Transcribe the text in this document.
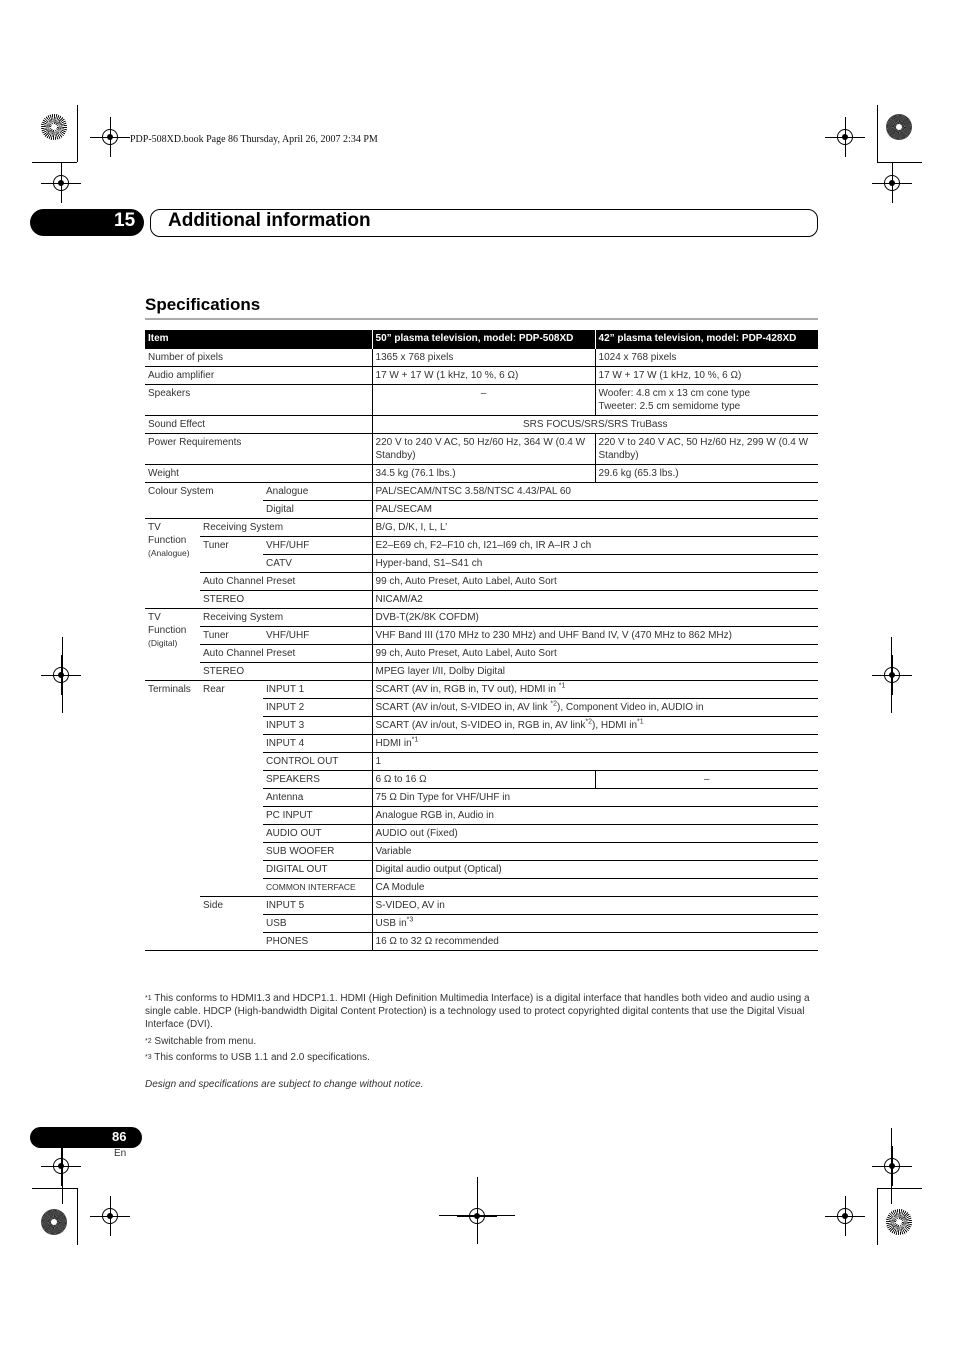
PDP-508XD.book Page 86 Thursday, April 26, 2007 2:34 PM
15 Additional information
Specifications
Item			50” plasma television, model: PDP-508XD	42” plasma television, model: PDP-428XD
Number of pixels			1365 x 768 pixels	1024 x 768 pixels
Audio amplifier			17 W + 17 W (1 kHz, 10 %, 6 Ω)	17 W + 17 W (1 kHz, 10 %, 6 Ω)
Speakers			–	Woofer: 4.8 cm x 13 cm cone type
Tweeter: 2.5 cm semidome type

Sound Effect			SRS FOCUS/SRS/SRS TruBass	
Power Requirements			220 V to 240 V AC, 50 Hz/60 Hz, 364 W (0.4 W Standby)	220 V to 240 V AC, 50 Hz/60 Hz, 299 W (0.4 W Standby)
Weight			34.5 kg (76.1 lbs.)	29.6 kg (65.3 lbs.)
Colour System		Analogue	PAL/SECAM/NTSC 3.58/NTSC 4.43/PAL 60	
		Digital	PAL/SECAM	
TV Function
(Analogue)	Receiving System		B/G, D/K, I, L, L’	
	Tuner	VHF/UHF	E2–E69 ch, F2–F10 ch, I21–I69 ch, IR A–IR J ch	
		CATV	Hyper-band, S1–S41 ch	
	Auto Channel Preset		99 ch, Auto Preset, Auto Label, Auto Sort	
	STEREO		NICAM/A2	
TV Function
(Digital)	Receiving System		DVB-T(2K/8K COFDM)	
	Tuner	VHF/UHF	VHF Band III (170 MHz to 230 MHz) and UHF Band IV, V (470 MHz to 862 MHz)	
	Auto Channel Preset		99 ch, Auto Preset, Auto Label, Auto Sort	
	STEREO		MPEG layer I/II, Dolby Digital	
Terminals	Rear	INPUT 1	SCART (AV in, RGB in, TV out), HDMI in $^{*1}$
		INPUT 2	SCART (AV in/out, S-VIDEO in, AV link $^{*2}$), Component Video in, AUDIO in	
		INPUT 3	SCART (AV in/out, S-VIDEO in, RGB in, AV link$^{*2}$), HDMI $in^{*1}$
		INPUT 4	HDMI $in^{*1}$
		CONTROL OUT	1	
		SPEAKERS	6 Ω to 16 Ω	–
		Antenna	75 Ω Din Type for VHF/UHF in	
		PC INPUT	Analogue RGB in, Audio in	
		AUDIO OUT	AUDIO out (Fixed)	
		SUB WOOFER	Variable	
		DIGITAL OUT	Digital audio output (Optical)	
		COMMON INTERFACE	CA Module	
	Side	INPUT 5	S-VIDEO, AV in	
		USB	USB $in^{*3}$
		PHONES	16 Ω to 32 Ω recommended	
$^{*1}$ This conforms to HDMI1.3 and HDCP1.1. HDMI (High Definition Multimedia Interface) is a digital interface that handles both video and audio using a single cable. HDCP (High-bandwidth Digital Content Protection) is a technology used to protect copyrighted digital contents that use the Digital Visual Interface (DVI).
$^{*2}$ Switchable from menu.
$^{*3}$ This conforms to USB 1.1 and 2.0 specifications.
Design and specifications are subject to change without notice.
86
En
